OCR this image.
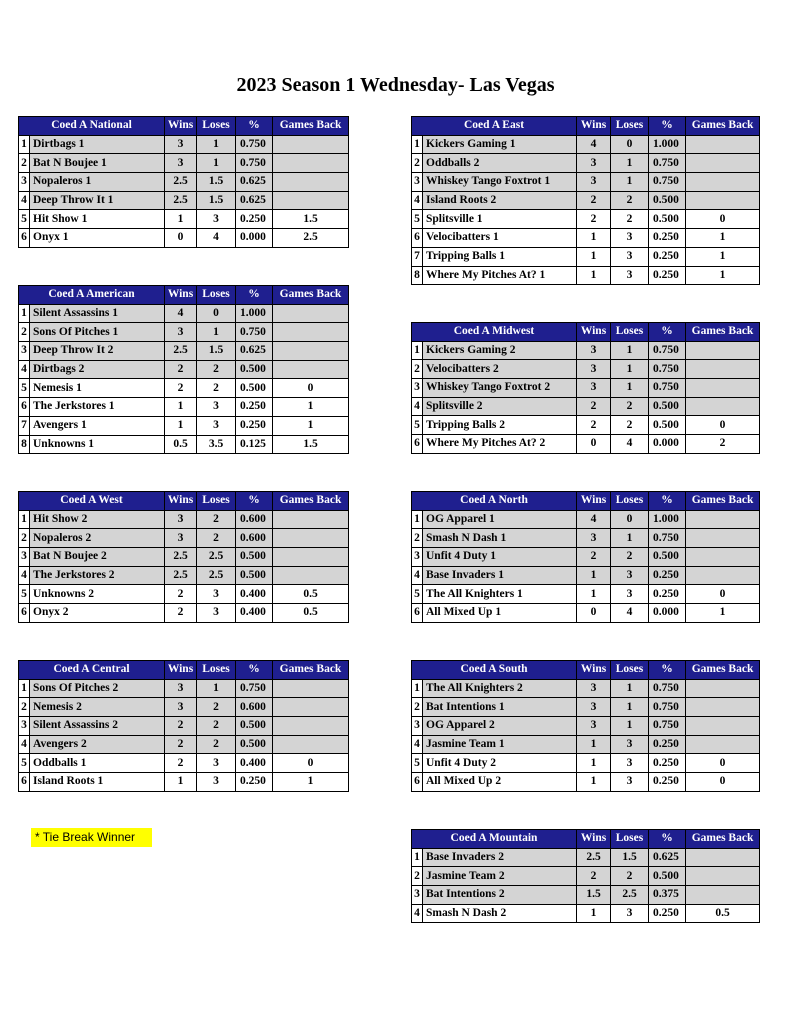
2023 Season 1 Wednesday- Las Vegas
Coed A National		Wins	Loses	%	Games Back
1	Dirtbags 1	3	1	0.750	
2	Bat N Boujee 1	3	1	0.750	
3	Nopaleros 1	2.5	1.5	0.625	
4	Deep Throw It 1	2.5	1.5	0.625	
5	Hit Show 1	1	3	0.250	1.5
6	Onyx 1	0	4	0.000	2.5
Coed A East		Wins	Loses	%	Games Back
1	Kickers Gaming 1	4	0	1.000	
2	Oddballs 2	3	1	0.750	
3	Whiskey Tango Foxtrot 1	3	1	0.750	
4	Island Roots 2	2	2	0.500	
5	Splitsville 1	2	2	0.500	0
6	Velocibatters 1	1	3	0.250	1
7	Tripping Balls 1	1	3	0.250	1
8	Where My Pitches At? 1	1	3	0.250	1
Coed A American		Wins	Loses	%	Games Back
1	Silent Assassins 1	4	0	1.000	
2	Sons Of Pitches 1	3	1	0.750	
3	Deep Throw It 2	2.5	1.5	0.625	
4	Dirtbags 2	2	2	0.500	
5	Nemesis 1	2	2	0.500	0
6	The Jerkstores 1	1	3	0.250	1
7	Avengers 1	1	3	0.250	1
8	Unknowns 1	0.5	3.5	0.125	1.5
Coed A Midwest		Wins	Loses	%	Games Back
1	Kickers Gaming 2	3	1	0.750	
2	Velocibatters 2	3	1	0.750	
3	Whiskey Tango Foxtrot 2	3	1	0.750	
4	Splitsville 2	2	2	0.500	
5	Tripping Balls 2	2	2	0.500	0
6	Where My Pitches At? 2	0	4	0.000	2
Coed A West		Wins	Loses	%	Games Back
1	Hit Show 2	3	2	0.600	
2	Nopaleros 2	3	2	0.600	
3	Bat N Boujee 2	2.5	2.5	0.500	
4	The Jerkstores 2	2.5	2.5	0.500	
5	Unknowns 2	2	3	0.400	0.5
6	Onyx 2	2	3	0.400	0.5
Coed A North		Wins	Loses	%	Games Back
1	OG Apparel 1	4	0	1.000	
2	Smash N Dash 1	3	1	0.750	
3	Unfit 4 Duty 1	2	2	0.500	
4	Base Invaders 1	1	3	0.250	
5	The All Knighters 1	1	3	0.250	0
6	All Mixed Up 1	0	4	0.000	1
Coed A Central		Wins	Loses	%	Games Back
1	Sons Of Pitches 2	3	1	0.750	
2	Nemesis 2	3	2	0.600	
3	Silent Assassins 2	2	2	0.500	
4	Avengers 2	2	2	0.500	
5	Oddballs 1	2	3	0.400	0
6	Island Roots 1	1	3	0.250	1
Coed A South		Wins	Loses	%	Games Back
1	The All Knighters 2	3	1	0.750	
2	Bat Intentions 1	3	1	0.750	
3	OG Apparel 2	3	1	0.750	
4	Jasmine Team 1	1	3	0.250	
5	Unfit 4 Duty 2	1	3	0.250	0
6	All Mixed Up 2	1	3	0.250	0
Coed A Mountain		Wins	Loses	%	Games Back
1	Base Invaders 2	2.5	1.5	0.625	
2	Jasmine Team 2	2	2	0.500	
3	Bat Intentions 2	1.5	2.5	0.375	
4	Smash N Dash 2	1	3	0.250	0.5
* Tie Break Winner
